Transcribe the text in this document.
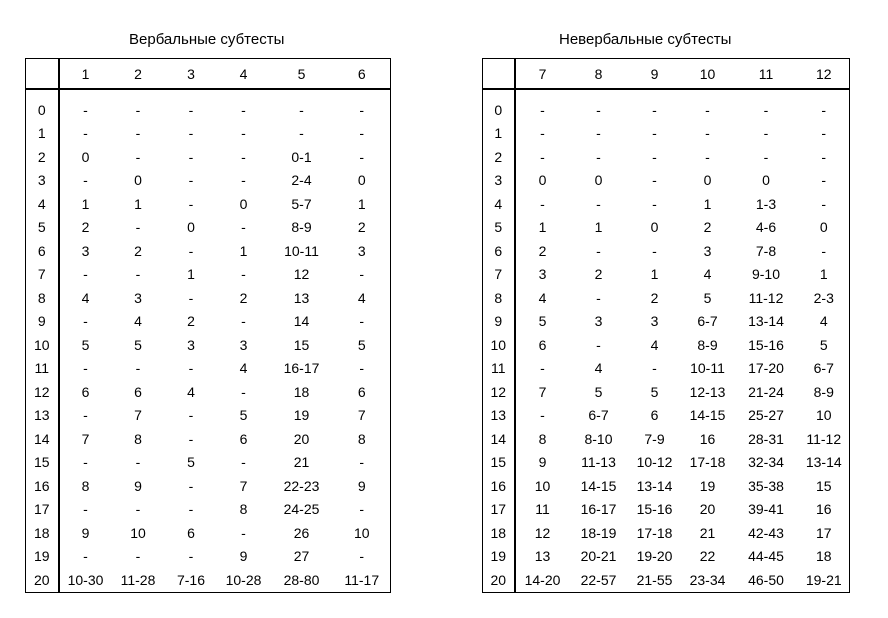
Вербальные субтесты
	1	2	3	4	5	6

0	-	-	-	-	-	-
1	-	-	-	-	-	-
2	0	-	-	-	0-1	-
3	-	0	-	-	2-4	0
4	1	1	-	0	5-7	1
5	2	-	0	-	8-9	2
6	3	2	-	1	10-11	3
7	-	-	1	-	12	-
8	4	3	-	2	13	4
9	-	4	2	-	14	-
10	5	5	3	3	15	5
11	-	-	-	4	16-17	-
12	6	6	4	-	18	6
13	-	7	-	5	19	7
14	7	8	-	6	20	8
15	-	-	5	-	21	-
16	8	9	-	7	22-23	9
17	-	-	-	8	24-25	-
18	9	10	6	-	26	10
19	-	-	-	9	27	-
20	10-30	11-28	7-16	10-28	28-80	11-17
Невербальные субтесты
	7	8	9	10	11	12

0	-	-	-	-	-	-
1	-	-	-	-	-	-
2	-	-	-	-	-	-
3	0	0	-	0	0	-
4	-	-	-	1	1-3	-
5	1	1	0	2	4-6	0
6	2	-	-	3	7-8	-
7	3	2	1	4	9-10	1
8	4	-	2	5	11-12	2-3
9	5	3	3	6-7	13-14	4
10	6	-	4	8-9	15-16	5
11	-	4	-	10-11	17-20	6-7
12	7	5	5	12-13	21-24	8-9
13	-	6-7	6	14-15	25-27	10
14	8	8-10	7-9	16	28-31	11-12
15	9	11-13	10-12	17-18	32-34	13-14
16	10	14-15	13-14	19	35-38	15
17	11	16-17	15-16	20	39-41	16
18	12	18-19	17-18	21	42-43	17
19	13	20-21	19-20	22	44-45	18
20	14-20	22-57	21-55	23-34	46-50	19-21
